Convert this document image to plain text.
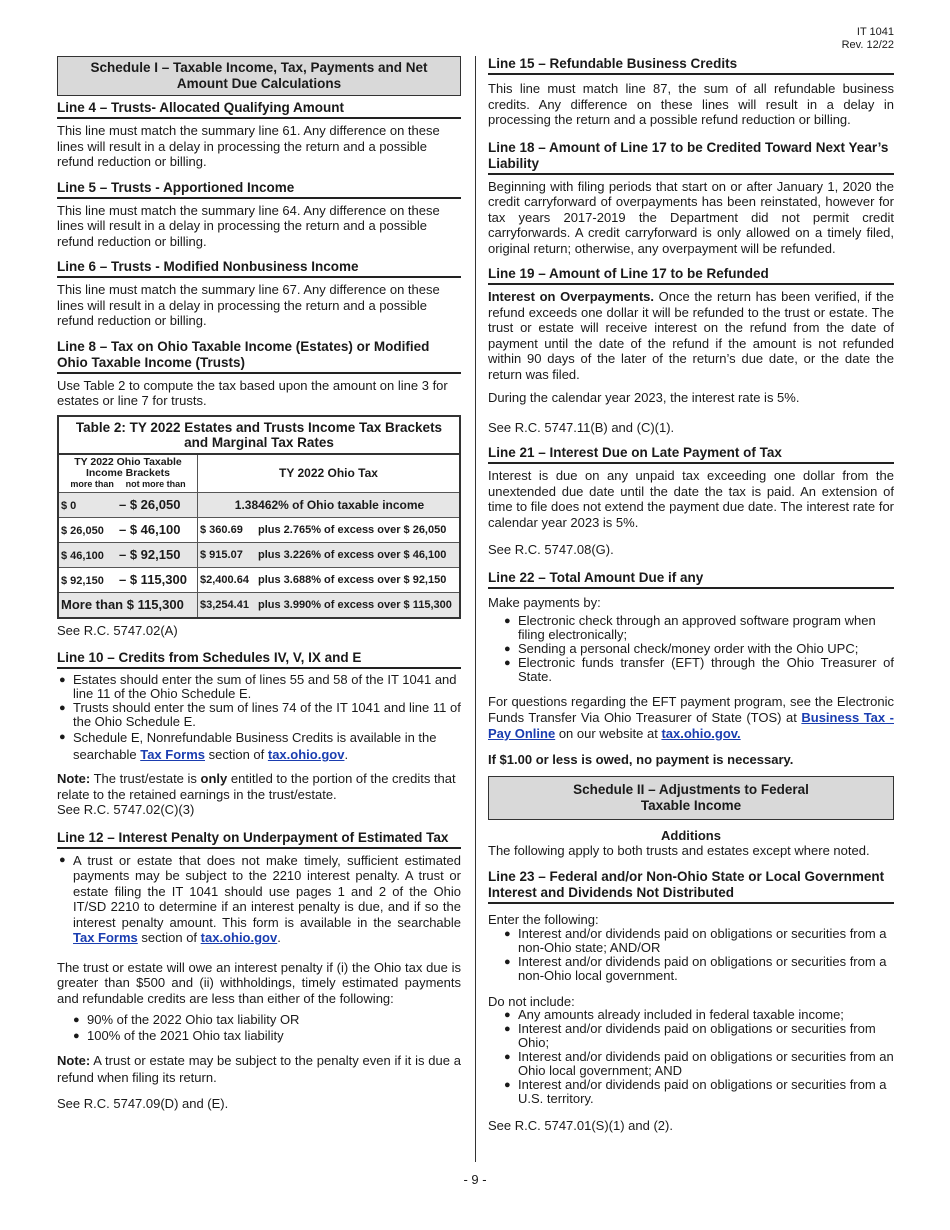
IT 1041
Rev. 12/22
Schedule I – Taxable Income, Tax, Payments and Net Amount Due Calculations
Line 4 – Trusts- Allocated Qualifying Amount

This line must match the summary line 61. Any difference on these lines will result in a delay in processing the return and a possible refund reduction or billing.

Line 5 – Trusts - Apportioned Income

This line must match the summary line 64. Any difference on these lines will result in a delay in processing the return and a possible refund reduction or billing.

Line 6 – Trusts - Modified Nonbusiness Income

This line must match the summary line 67. Any difference on these lines will result in a delay in processing the return and a possible refund reduction or billing.

Line 8 – Tax on Ohio Taxable Income (Estates) or Modified Ohio Taxable Income (Trusts)

Use Table 2 to compute the tax based upon the amount on line 3 for estates or line 7 for trusts.

Table 2: TY 2022 Estates and Trusts Income Tax Brackets and Marginal Tax Rates
TY 2022 Ohio Taxable Income Brackets
more than not more than	TY 2022 Ohio Tax
$ 0 – $ 26,050	1.38462% of Ohio taxable income
$ 26,050 – $ 46,100	$ 360.69 plus 2.765% of excess over $ 26,050
$ 46,100 – $ 92,150	$ 915.07 plus 3.226% of excess over $ 46,100
$ 92,150 – $ 115,300	$2,400.64 plus 3.688% of excess over $ 92,150
More than $ 115,300	$3,254.41 plus 3.990% of excess over $ 115,300

See R.C. 5747.02(A)

Line 10 – Credits from Schedules IV, V, IX and E
● Estates should enter the sum of lines 55 and 58 of the IT 1041 and line 11 of the Ohio Schedule E.
● Trusts should enter the sum of lines 74 of the IT 1041 and line 11 of the Ohio Schedule E.
● Schedule E, Nonrefundable Business Credits is available in the searchable Tax Forms section of tax.ohio.gov.

Note: The trust/estate is only entitled to the portion of the credits that relate to the retained earnings in the trust/estate.

See R.C. 5747.02(C)(3)

Line 12 – Interest Penalty on Underpayment of Estimated Tax
● A trust or estate that does not make timely, sufficient estimated payments may be subject to the 2210 interest penalty. A trust or estate filing the IT 1041 should use pages 1 and 2 of the Ohio IT/SD 2210 to determine if an interest penalty is due, and if so the interest penalty amount. This form is available in the searchable Tax Forms section of tax.ohio.gov.

The trust or estate will owe an interest penalty if (i) the Ohio tax due is greater than $500 and (ii) withholdings, timely estimated payments and refundable credits are less than either of the following:

● 90% of the 2022 Ohio tax liability OR
● 100% of the 2021 Ohio tax liability

Note: A trust or estate may be subject to the penalty even if it is due a refund when filing its return.

See R.C. 5747.09(D) and (E).

Line 15 – Refundable Business Credits

This line must match line 87, the sum of all refundable business credits. Any difference on these lines will result in a delay in processing the return and a possible refund reduction or billing.

Line 18 – Amount of Line 17 to be Credited Toward Next Year’s Liability

Beginning with filing periods that start on or after January 1, 2020 the credit carryforward of overpayments has been reinstated, however for tax years 2017-2019 the Department did not permit credit carryforwards. A credit carryforward is only allowed on a timely filed, original return; otherwise, any overpayment will be refunded.

Line 19 – Amount of Line 17 to be Refunded

Interest on Overpayments. Once the return has been verified, if the refund exceeds one dollar it will be refunded to the trust or estate. The trust or estate will receive interest on the refund from the date of payment until the date of the refund if the amount is not refunded within 90 days of the later of the return’s due date, or the date the return was filed.

During the calendar year 2023, the interest rate is 5%.

See R.C. 5747.11(B) and (C)(1).

Line 21 – Interest Due on Late Payment of Tax

Interest is due on any unpaid tax exceeding one dollar from the unextended due date until the date the tax is paid. An extension of time to file does not extend the payment due date. The interest rate for calendar year 2023 is 5%.

See R.C. 5747.08(G).

Line 22 – Total Amount Due if any

Make payments by:

● Electronic check through an approved software program when filing electronically;
● Sending a personal check/money order with the Ohio UPC;
● Electronic funds transfer (EFT) through the Ohio Treasurer of State.

For questions regarding the EFT payment program, see the Electronic Funds Transfer Via Ohio Treasurer of State (TOS) at Business Tax - Pay Online on our website at tax.ohio.gov.

If $1.00 or less is owed, no payment is necessary.

Schedule II – Adjustments to Federal
Taxable Income

Additions

The following apply to both trusts and estates except where noted.

Line 23 – Federal and/or Non-Ohio State or Local Government Interest and Dividends Not Distributed

Enter the following:

● Interest and/or dividends paid on obligations or securities from a non-Ohio state; AND/OR
● Interest and/or dividends paid on obligations or securities from a non-Ohio local government.

Do not include:

● Any amounts already included in federal taxable income;
● Interest and/or dividends paid on obligations or securities from Ohio;
● Interest and/or dividends paid on obligations or securities from an Ohio local government; AND
● Interest and/or dividends paid on obligations or securities from a U.S. territory.

See R.C. 5747.01(S)(1) and (2).

- 9 -
